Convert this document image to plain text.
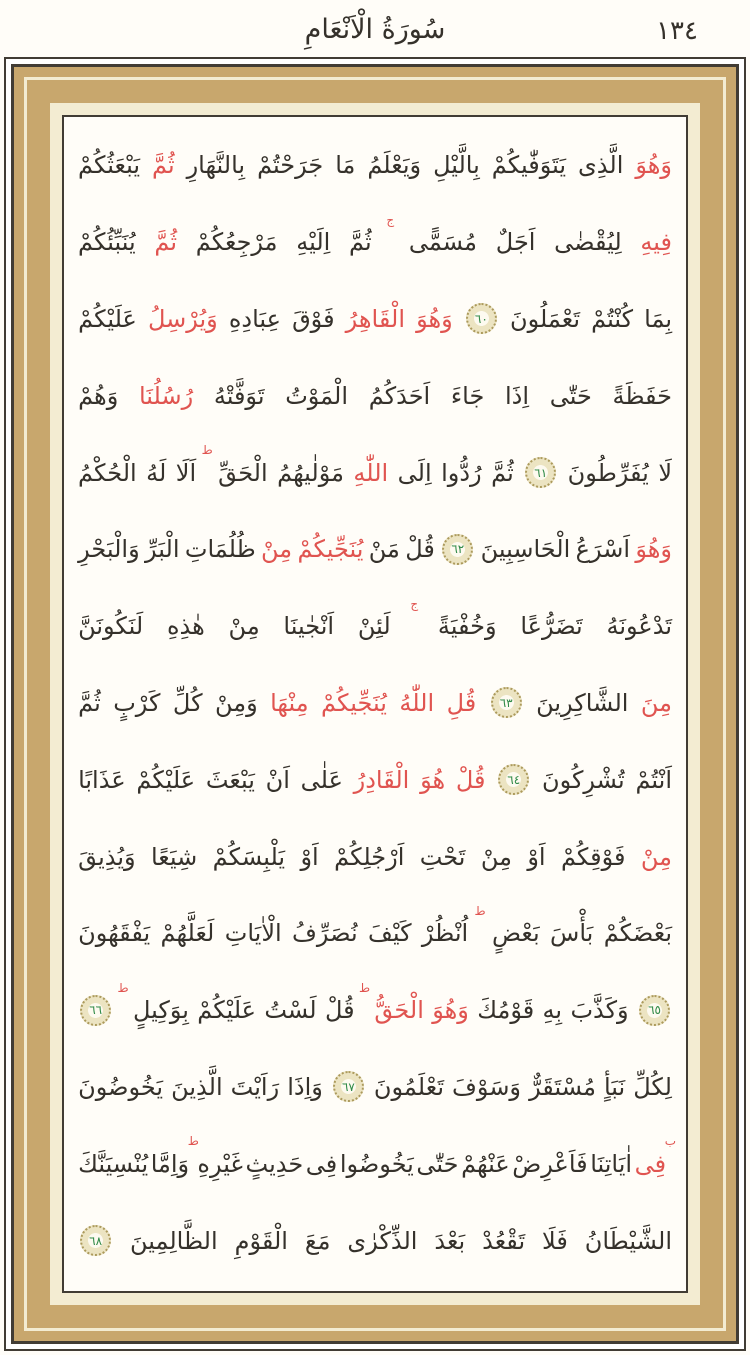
سُورَةُ الْاَنْعَامِ	١٣٤
وَهُوَ
الَّذِى
يَتَوَفّٰيكُمْ
بِالَّيْلِ
وَيَعْلَمُ
مَا
جَرَحْتُمْ
بِالنَّهَارِ
ثُمَّ
يَبْعَثُكُمْ
فِيهِ
لِيُقْضٰى
اَجَلٌ
مُسَمًّى
ج
ثُمَّ
اِلَيْهِ
مَرْجِعُكُمْ
ثُمَّ
يُنَبِّئُكُمْ
بِمَا
كُنْتُمْ
تَعْمَلُونَ
٦٠
وَهُوَ
الْقَاهِرُ
فَوْقَ
عِبَادِهِ
وَيُرْسِلُ
عَلَيْكُمْ
حَفَظَةً
حَتّٰى
اِذَا
جَاءَ
اَحَدَكُمُ
الْمَوْتُ
تَوَفَّتْهُ
رُسُلُنَا
وَهُمْ
لَا
يُفَرِّطُونَ
٦١
ثُمَّ
رُدُّوا
اِلَى
اللّٰهِ
مَوْلٰيهُمُ
الْحَقِّ
ط
اَلَا
لَهُ
الْحُكْمُ
وَهُوَ
اَسْرَعُ
الْحَاسِبِينَ
٦٢
قُلْ
مَنْ
يُنَجِّيكُمْ
مِنْ
ظُلُمَاتِ
الْبَرِّ
وَالْبَحْرِ
تَدْعُونَهُ
تَضَرُّعًا
وَخُفْيَةً
ج
لَئِنْ
اَنْجٰينَا
مِنْ
هٰذِهِ
لَنَكُونَنَّ
مِنَ
الشَّاكِرِينَ
٦٣
قُلِ
اللّٰهُ
يُنَجِّيكُمْ
مِنْهَا
وَمِنْ
كُلِّ
كَرْبٍ
ثُمَّ
اَنْتُمْ
تُشْرِكُونَ
٦٤
قُلْ
هُوَ
الْقَادِرُ
عَلٰى
اَنْ
يَبْعَثَ
عَلَيْكُمْ
عَذَابًا
مِنْ
فَوْقِكُمْ
اَوْ
مِنْ
تَحْتِ
اَرْجُلِكُمْ
اَوْ
يَلْبِسَكُمْ
شِيَعًا
وَيُذِيقَ
بَعْضَكُمْ
بَأْسَ
بَعْضٍ
ط
اُنْظُرْ
كَيْفَ
نُصَرِّفُ
الْاٰيَاتِ
لَعَلَّهُمْ
يَفْقَهُونَ
٦٥
وَكَذَّبَ
بِهِ
قَوْمُكَ
وَهُوَ
الْحَقُّ
ط
قُلْ
لَسْتُ
عَلَيْكُمْ
بِوَكِيلٍ
ط
٦٦
لِكُلِّ
نَبَأٍ
مُسْتَقَرٌّ
وَسَوْفَ
تَعْلَمُونَ
٦٧
وَاِذَا
رَاَيْتَ
الَّذِينَ
يَخُوضُونَ
ب
فِى
اٰيَاتِنَا
فَاَعْرِضْ
عَنْهُمْ
حَتّٰى
يَخُوضُوا
فِى
حَدِيثٍ
غَيْرِهِ
ط
وَاِمَّا
يُنْسِيَنَّكَ
الشَّيْطَانُ
فَلَا
تَقْعُدْ
بَعْدَ
الذِّكْرٰى
مَعَ
الْقَوْمِ
الظَّالِمِينَ
٦٨
